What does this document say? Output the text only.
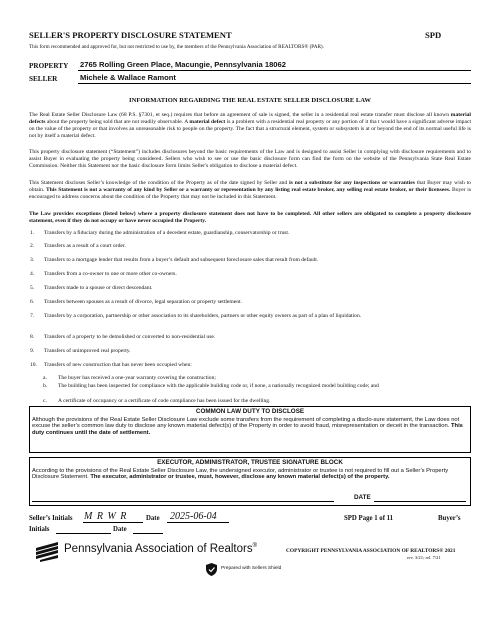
SELLER'S PROPERTY DISCLOSURE STATEMENT	SPD
This form recommended and approved for, but not restricted to use by, the members of the Pennsylvania Association of REALTORS® (PAR).
PROPERTY 2765 Rolling Green Place, Macungie, Pennsylvania 18062
SELLER	Michele & Wallace Ramont
INFORMATION REGARDING THE REAL ESTATE SELLER DISCLOSURE LAW

The Real Estate Seller Disclosure Law (68 P.S. §7301, et seq.) requires that before an agreement of sale is signed, the seller in a residential real estate transfer must disclose all known material defects about the property being sold that are not readily observable. A material defect is a problem with a residential real property or any portion of it tha t would have a significant adverse impact on the value of the property or that involves an unreasonable risk to people on the property. The fact that a structural element, system or subsystem is at or beyond the end of its normal useful life is not by itself a material defect.

This property disclosure statement (“Statement”) includes disclosures beyond the basic requirements of the Law and is designed to assist Seller in complying with disclosure requirements and to assist Buyer in evaluating the property being considered. Sellers who wish to see or use the basic disclosure form can find the form on the website of the Pennsylvania State Real Estate Commission. Neither this Statement nor the basic disclosure form limits Seller's obligation to disclose a material defect.

This Statement discloses Seller’s knowledge of the condition of the Property as of the date signed by Seller and is not a substitute for any inspections or warranties that Buyer may wish to obtain. This Statement is not a warranty of any kind by Seller or a warranty or representation by any listing real estate broker, any selling real estate broker, or their licensees. Buyer is encouraged to address concerns about the condition of the Property that may not be included in this Statement.

The Law provides exceptions (listed below) where a property disclosure statement does not have to be completed. All other sellers are obligated to complete a property disclosure statement, even if they do not occupy or have never occupied the Property.

1.	Transfers by a fiduciary during the administration of a decedent estate, guardianship, conservatorship or trust.
2.	Transfers as a result of a court order.
3.	Transfers to a mortgage lender that results from a buyer’s default and subsequent foreclosure sales that result from default.
4.	Transfers from a co-owner to one or more other co-owners.
5.	Transfers made to a spouse or direct descendant.
6.	Transfers between spouses as a result of divorce, legal separation or property settlement.
7.	Transfers by a corporation, partnership or other association to its shareholders, partners or other equity owners as part of a plan of liquidation.
8.	Transfers of a property to be demolished or converted to non-residential use.
9.	Transfers of unimproved real property.
10.	Transfers of new construction that has never been occupied when:
a.	The buyer has received a one-year warranty covering the construction;
b.	The building has been inspected for compliance with the applicable building code or, if none, a nationally recognized model building code; and
c.	A certificate of occupancy or a certificate of code compliance has been issued for the dwelling.
COMMON LAW DUTY TO DISCLOSE
Although the provisions of the Real Estate Seller Disclosure Law exclude some transfers from the requirement of completing a disclo-sure statement, the Law does not excuse the seller’s common law duty to disclose any known material defect(s) of the Property in order to avoid fraud, misrepresentation or deceit in the transaction. This duty continues until the date of settlement.
EXECUTOR, ADMINISTRATOR, TRUSTEE SIGNATURE BLOCK
According to the provisions of the Real Estate Seller Disclosure Law, the undersigned executor, administrator or trustee is not required to fill out a Seller’s Property Disclosure Statement. The executor, administrator or trustee, must, however, disclose any known material defect(s) of the property.
DATE
Seller’s Initials M R W R	Date 2025-06-04	SPD Page 1 of 11	Buyer’s
Initials	Date
Pennsylvania Association of Realtors®
COPYRIGHT PENNSYLVANIA ASSOCIATION OF REALTORS® 2021
rev. 3/21; rel. 7/21
Prepared with Sellers Shield
